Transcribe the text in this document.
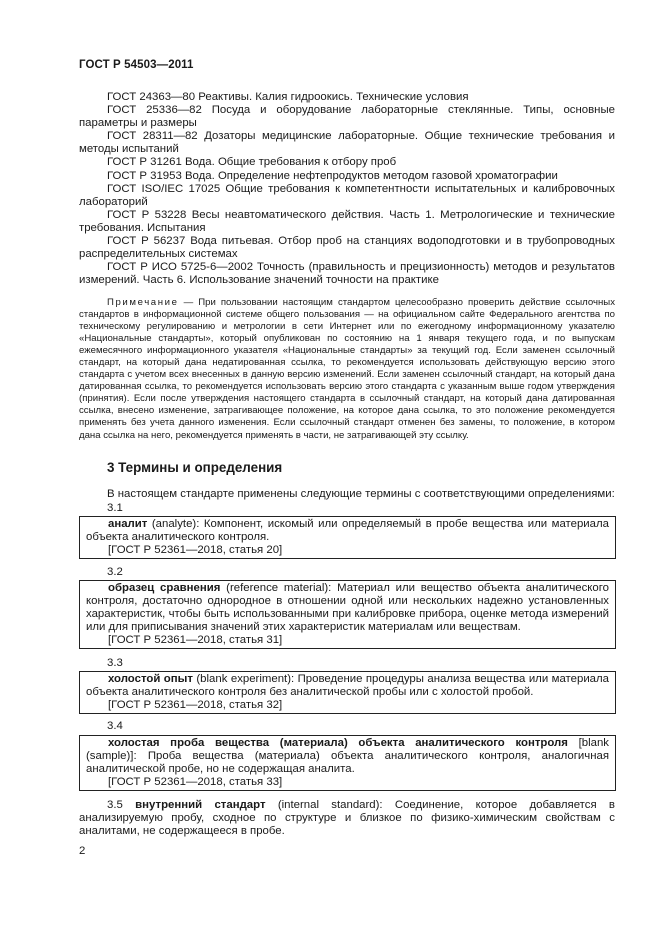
ГОСТ Р 54503—2011

ГОСТ 24363—80 Реактивы. Калия гидроокись. Технические условия

ГОСТ 25336—82 Посуда и оборудование лабораторные стеклянные. Типы, основные параметры и размеры

ГОСТ 28311—82 Дозаторы медицинские лабораторные. Общие технические требования и методы испытаний

ГОСТ Р 31261 Вода. Общие требования к отбору проб

ГОСТ Р 31953 Вода. Определение нефтепродуктов методом газовой хроматографии

ГОСТ ISO/IEC 17025 Общие требования к компетентности испытательных и калибровочных лабораторий

ГОСТ Р 53228 Весы неавтоматического действия. Часть 1. Метрологические и технические требования. Испытания

ГОСТ Р 56237 Вода питьевая. Отбор проб на станциях водоподготовки и в трубопроводных распределительных системах

ГОСТ Р ИСО 5725-6—2002 Точность (правильность и прецизионность) методов и результатов измерений. Часть 6. Использование значений точности на практике

Примечание — При пользовании настоящим стандартом целесообразно проверить действие ссылочных стандартов в информационной системе общего пользования — на официальном сайте Федерального агентства по техническому регулированию и метрологии в сети Интернет или по ежегодному информационному указателю «Национальные стандарты», который опубликован по состоянию на 1 января текущего года, и по выпускам ежемесячного информационного указателя «Национальные стандарты» за текущий год. Если заменен ссылочный стандарт, на который дана недатированная ссылка, то рекомендуется использовать действующую версию этого стандарта с учетом всех внесенных в данную версию изменений. Если заменен ссылочный стандарт, на который дана датированная ссылка, то рекомендуется использовать версию этого стандарта с указанным выше годом утверждения (принятия). Если после утверждения настоящего стандарта в ссылочный стандарт, на который дана датированная ссылка, внесено изменение, затрагивающее положение, на которое дана ссылка, то это положение рекомендуется применять без учета данного изменения. Если ссылочный стандарт отменен без замены, то положение, в котором дана ссылка на него, рекомендуется применять в части, не затрагивающей эту ссылку.

3 Термины и определения
В настоящем стандарте применены следующие термины с соответствующими определениями:
3.1

аналит (analyte): Компонент, искомый или определяемый в пробе вещества или материала объекта аналитического контроля.

[ГОСТ Р 52361—2018, статья 20]

3.2

образец сравнения (reference material): Материал или вещество объекта аналитического контроля, достаточно однородное в отношении одной или нескольких надежно установленных характеристик, чтобы быть использованными при калибровке прибора, оценке метода измерений или для приписывания значений этих характеристик материалам или веществам.

[ГОСТ Р 52361—2018, статья 31]

3.3

холостой опыт (blank experiment): Проведение процедуры анализа вещества или материала объекта аналитического контроля без аналитической пробы или с холостой пробой.

[ГОСТ Р 52361—2018, статья 32]

3.4

холостая проба вещества (материала) объекта аналитического контроля [blank (sample)]: Проба вещества (материала) объекта аналитического контроля, аналогичная аналитической пробе, но не содержащая аналита.

[ГОСТ Р 52361—2018, статья 33]

3.5 внутренний стандарт (internal standard): Соединение, которое добавляется в анализируемую пробу, сходное по структуре и близкое по физико-химическим свойствам с аналитами, не содержащееся в пробе.

2
